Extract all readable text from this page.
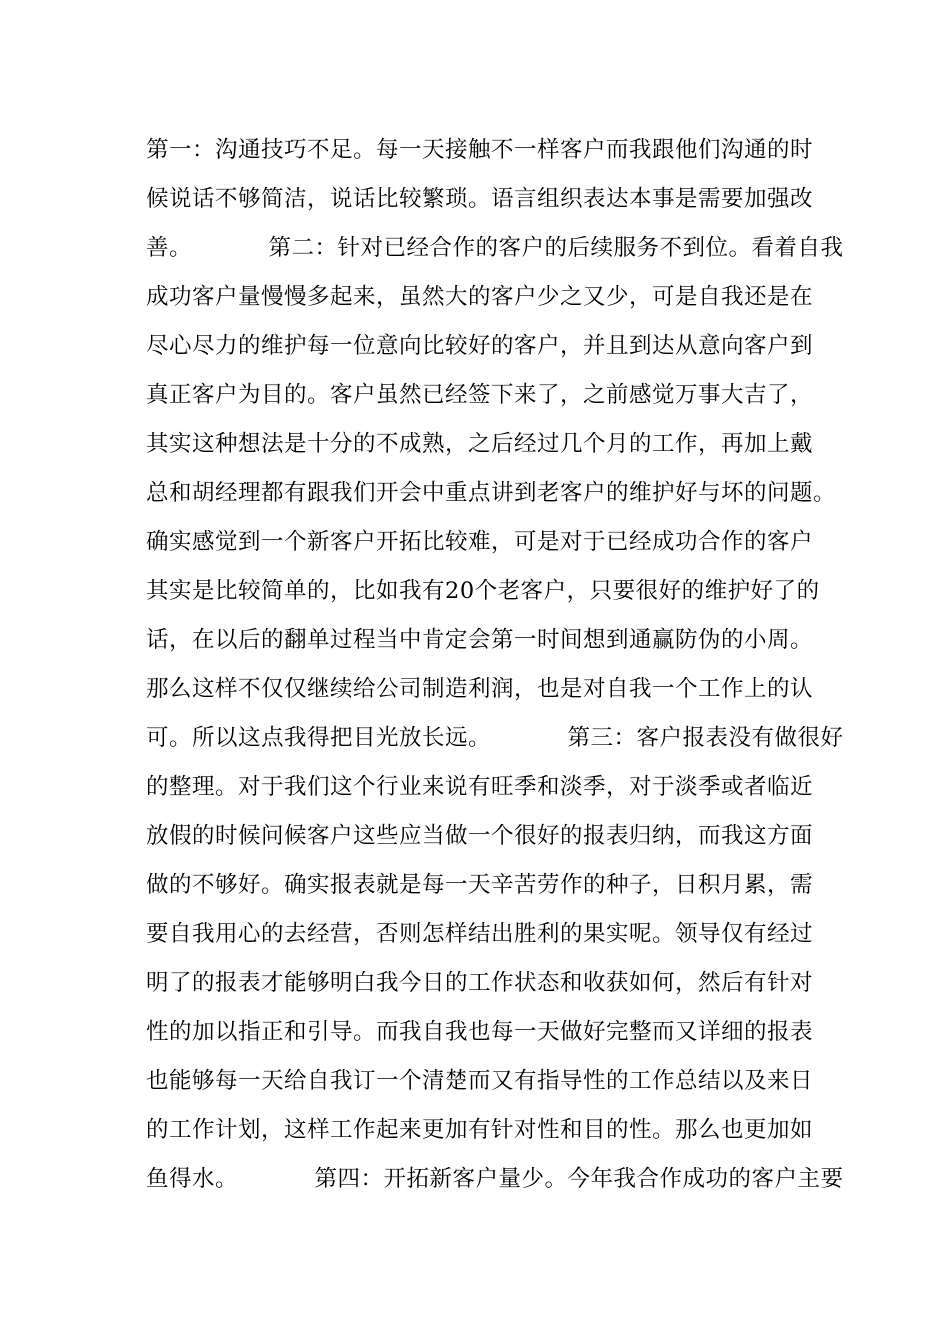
第一：沟通技巧不足。每一天接触不一样客户而我跟他们沟通的时
候说话不够简洁，说话比较繁琐。语言组织表达本事是需要加强改
善。          第二：针对已经合作的客户的后续服务不到位。看着自我
成功客户量慢慢多起来，虽然大的客户少之又少，可是自我还是在
尽心尽力的维护每一位意向比较好的客户，并且到达从意向客户到
真正客户为目的。客户虽然已经签下来了，之前感觉万事大吉了，
其实这种想法是十分的不成熟，之后经过几个月的工作，再加上戴
总和胡经理都有跟我们开会中重点讲到老客户的维护好与坏的问题。
确实感觉到一个新客户开拓比较难，可是对于已经成功合作的客户
其实是比较简单的，比如我有20个老客户，只要很好的维护好了的
话，在以后的翻单过程当中肯定会第一时间想到通赢防伪的小周。
那么这样不仅仅继续给公司制造利润，也是对自我一个工作上的认
可。所以这点我得把目光放长远。          第三：客户报表没有做很好
的整理。对于我们这个行业来说有旺季和淡季，对于淡季或者临近
放假的时候问候客户这些应当做一个很好的报表归纳，而我这方面
做的不够好。确实报表就是每一天辛苦劳作的种子，日积月累，需
要自我用心的去经营，否则怎样结出胜利的果实呢。领导仅有经过
明了的报表才能够明白我今日的工作状态和收获如何，然后有针对
性的加以指正和引导。而我自我也每一天做好完整而又详细的报表
也能够每一天给自我订一个清楚而又有指导性的工作总结以及来日
的工作计划，这样工作起来更加有针对性和目的性。那么也更加如
鱼得水。          第四：开拓新客户量少。今年我合作成功的客户主要
